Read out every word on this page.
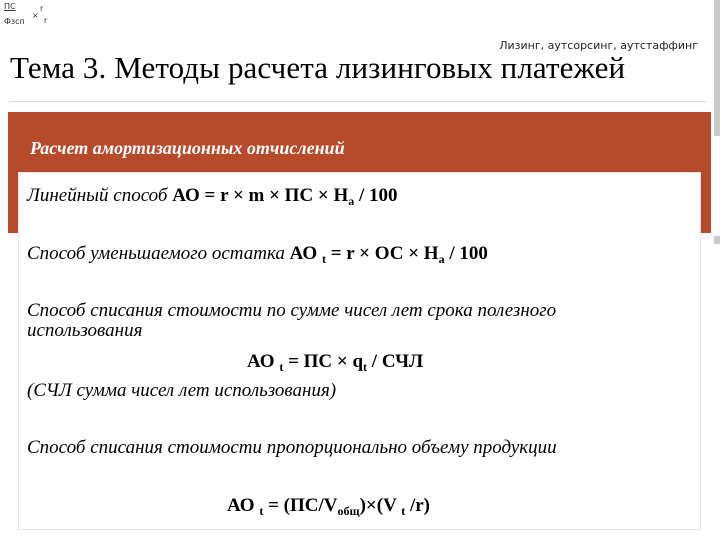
ПС
Фзсп
×
r
r
Лизинг, аутсорсинг, аутстаффинг
Тема 3. Методы расчета лизинговых платежей
Расчет амортизационных отчислений
Линейный способ АО = r × m × ПС × $Н_а / 100$
Способ уменьшаемого остатка АО $_t$ = r × ОС × $Н_а / 100$
Способ списания стоимости по сумме чисел лет срока полезного
использования
АО $_t$ = ПС × $q_t$ / СЧЛ
(СЧЛ сумма чисел лет использования)
Способ списания стоимости пропорционально объему продукции
АО $_t = (ПС/V_{общ})\times(V$ $_t$ /r)
